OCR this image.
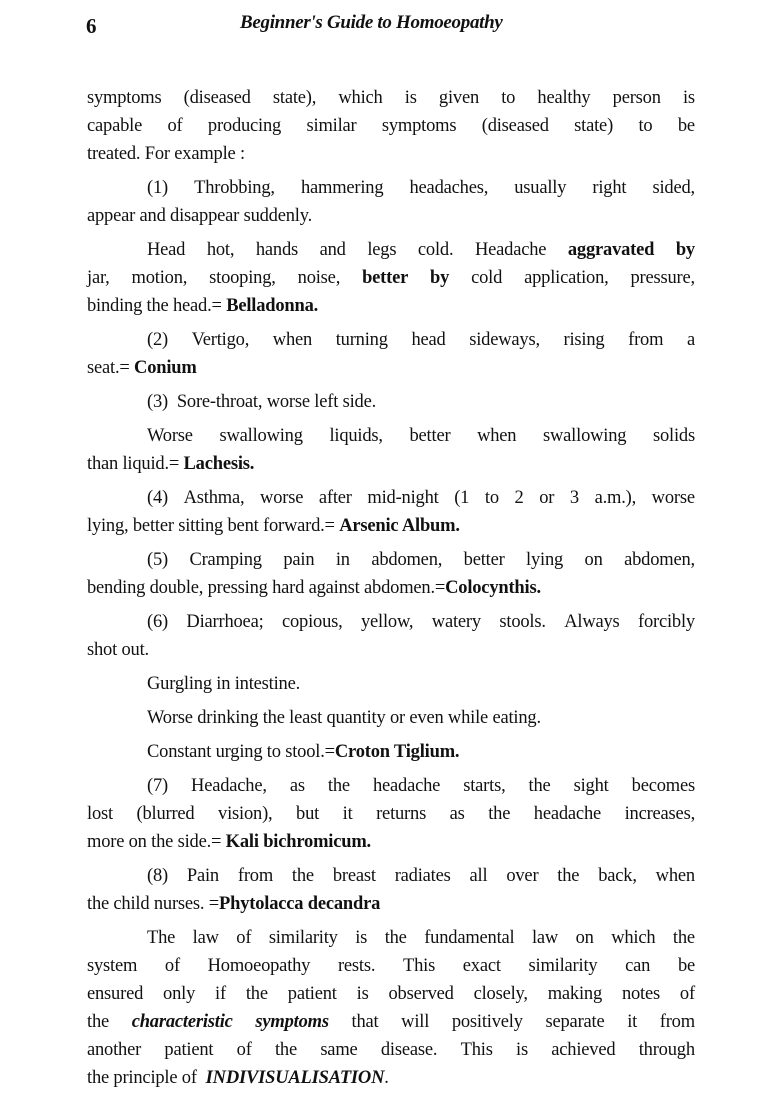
6	Beginner's Guide to Homoeopathy
symptoms (diseased state), which is given to healthy person is
capable of producing similar symptoms (diseased state) to be
treated. For example :
(1) Throbbing, hammering headaches, usually right sided,
appear and disappear suddenly.
Head hot, hands and legs cold. Headache aggravated by
jar, motion, stooping, noise, better by cold application, pressure,
binding the head.= Belladonna.
(2) Vertigo, when turning head sideways, rising from a
seat.= Conium
(3)  Sore-throat, worse left side.
Worse swallowing liquids, better when swallowing solids
than liquid.= Lachesis.
(4) Asthma, worse after mid-night (1 to 2 or 3 a.m.), worse
lying, better sitting bent forward.= Arsenic Album.
(5) Cramping pain in abdomen, better lying on abdomen,
bending double, pressing hard against abdomen.= Colocynthis.
(6) Diarrhoea; copious, yellow, watery stools. Always forcibly
shot out.
Gurgling in intestine.
Worse drinking the least quantity or even while eating.
Constant urging to stool.= Croton Tiglium.
(7) Headache, as the headache starts, the sight becomes
lost (blurred vision), but it returns as the headache increases,
more on the side.= Kali bichromicum.
(8) Pain from the breast radiates all over the back, when
the child nurses. = Phytolacca decandra
The law of similarity is the fundamental law on which the
system of Homoeopathy rests. This exact similarity can be
ensured only if the patient is observed closely, making notes of
the characteristic symptoms that will positively separate it from
another patient of the same disease. This is achieved through
the principle of INDIVISUALISATION .
